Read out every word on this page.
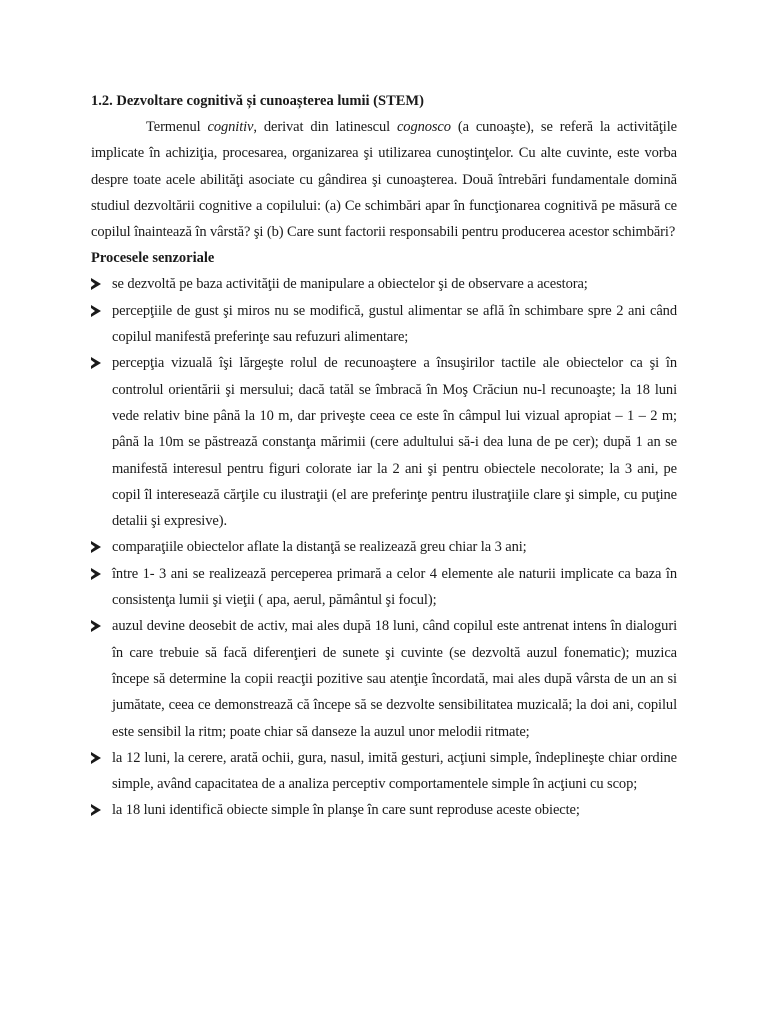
1.2. Dezvoltare cognitivă și cunoașterea lumii (STEM)

Termenul cognitiv, derivat din latinescul cognosco (a cunoaşte), se referă la activităţile implicate în achiziţia, procesarea, organizarea şi utilizarea cunoştinţelor. Cu alte cuvinte, este vorba despre toate acele abilităţi asociate cu gândirea şi cunoaşterea. Două întrebări fundamentale domină studiul dezvoltării cognitive a copilului: (a) Ce schimbări apar în funcţionarea cognitivă pe măsură ce copilul înaintează în vârstă? şi (b) Care sunt factorii responsabili pentru producerea acestor schimbări?

Procesele senzoriale

se dezvoltă pe baza activităţii de manipulare a obiectelor şi de observare a acestora;
percepţiile de gust şi miros nu se modifică, gustul alimentar se află în schimbare spre 2 ani când copilul manifestă preferinţe sau refuzuri alimentare;
percepţia vizuală îşi lărgeşte rolul de recunoaştere a însuşirilor tactile ale obiectelor ca şi în controlul orientării şi mersului; dacă tatăl se îmbracă în Moş Crăciun nu-l recunoaşte; la 18 luni vede relativ bine până la 10 m, dar priveşte ceea ce este în câmpul lui vizual apropiat – 1 – 2 m; până la 10m se păstrează constanţa mărimii (cere adultului să-i dea luna de pe cer); după 1 an se manifestă interesul pentru figuri colorate iar la 2 ani şi pentru obiectele necolorate; la 3 ani, pe copil îl interesează cărţile cu ilustraţii (el are preferinţe pentru ilustraţiile clare şi simple, cu puţine detalii şi expresive).
comparaţiile obiectelor aflate la distanţă se realizează greu chiar la 3 ani;
între 1- 3 ani se realizează perceperea primară a celor 4 elemente ale naturii implicate ca baza în consistenţa lumii şi vieţii ( apa, aerul, pământul şi focul);
auzul devine deosebit de activ, mai ales după 18 luni, când copilul este antrenat intens în dialoguri în care trebuie să facă diferenţieri de sunete şi cuvinte (se dezvoltă auzul fonematic); muzica începe să determine la copii reacţii pozitive sau atenţie încordată, mai ales după vârsta de un an si jumătate, ceea ce demonstrează că începe să se dezvolte sensibilitatea muzicală; la doi ani, copilul este sensibil la ritm; poate chiar să danseze la auzul unor melodii ritmate;
la 12 luni, la cerere, arată ochii, gura, nasul, imită gesturi, acţiuni simple, îndeplineşte chiar ordine simple, având capacitatea de a analiza perceptiv comportamentele simple în acţiuni cu scop;
la 18 luni identifică obiecte simple în planşe în care sunt reproduse aceste obiecte;
